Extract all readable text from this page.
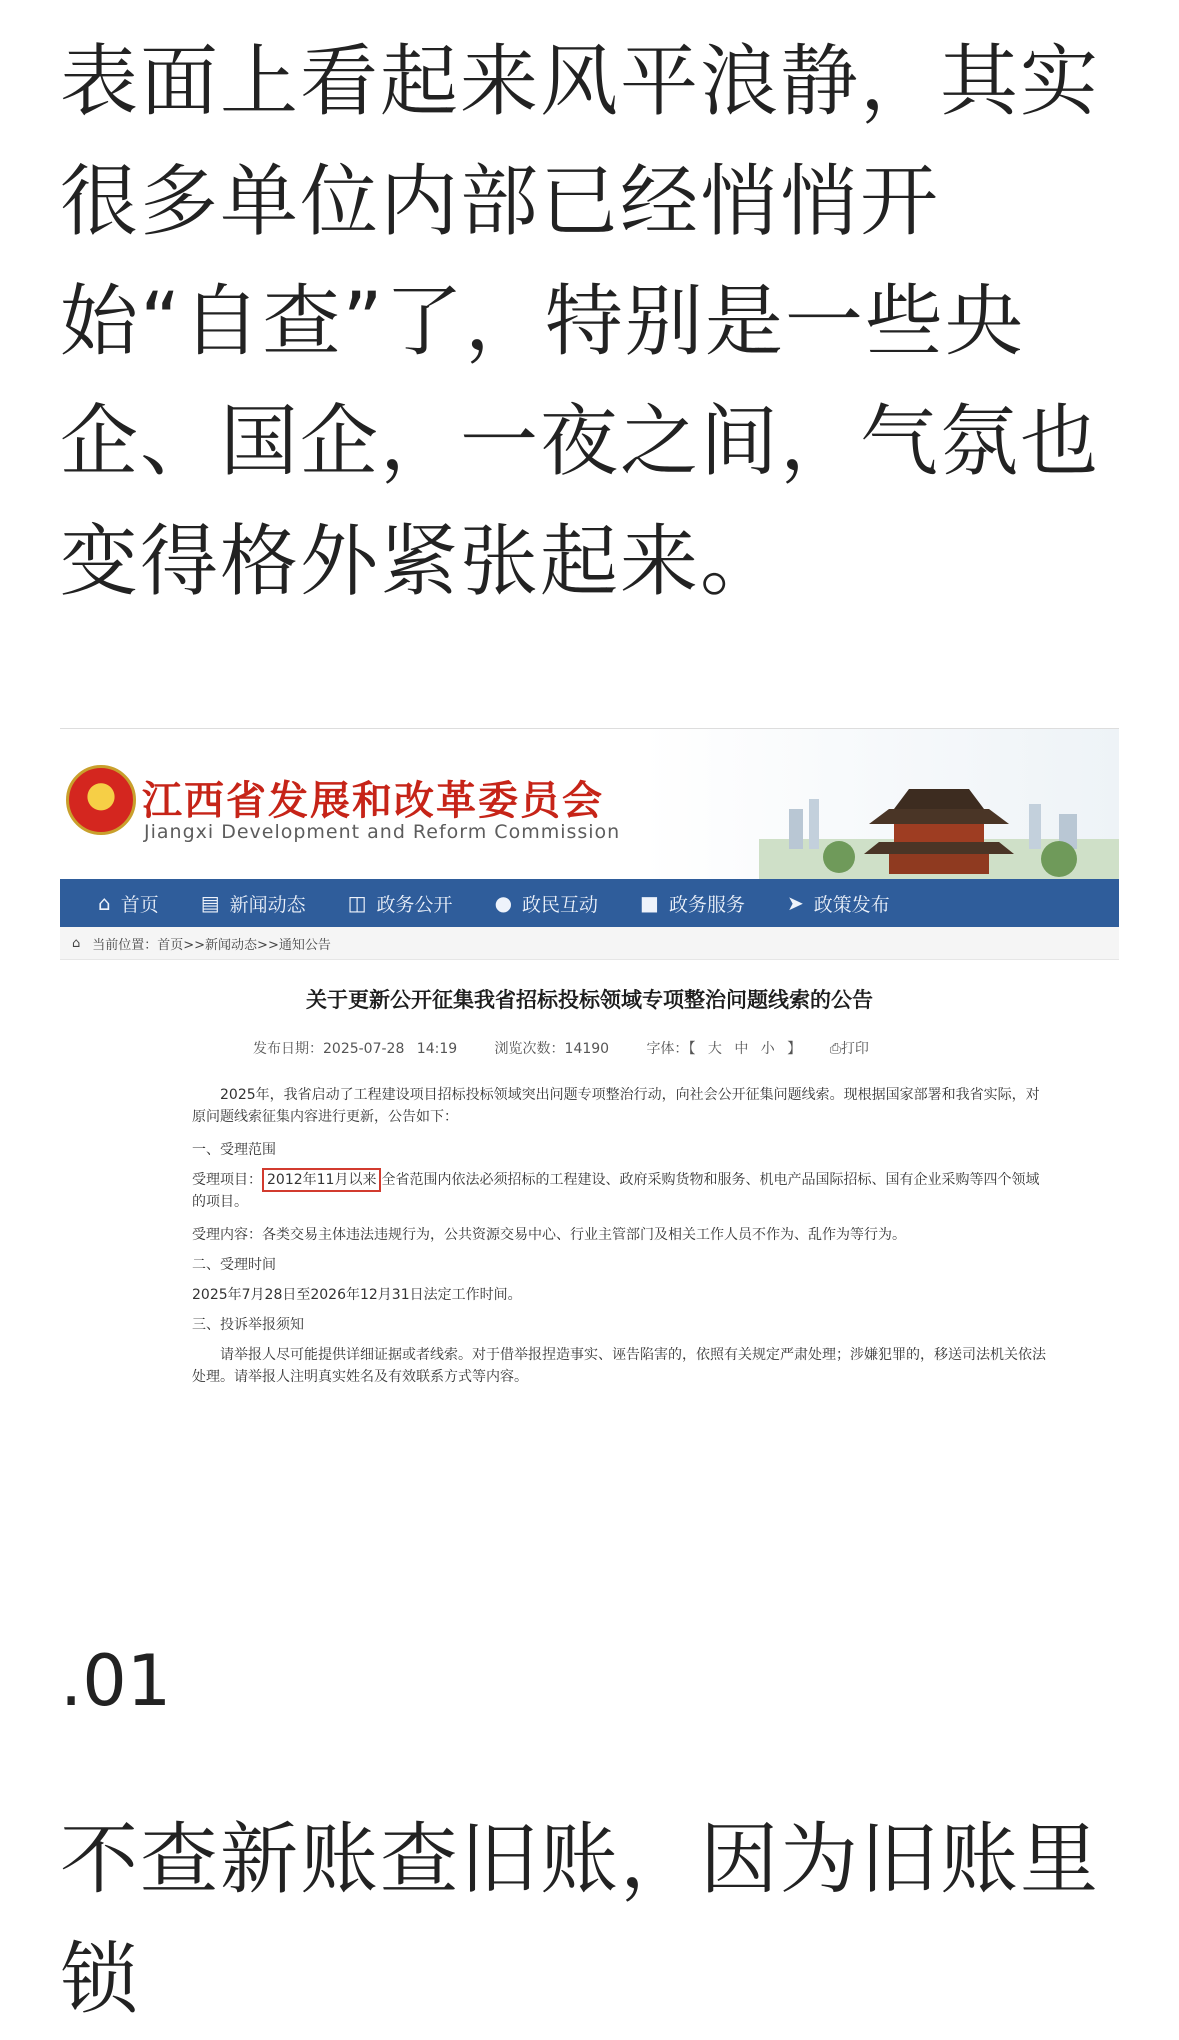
表面上看起来风平浪静，其实很多单位内部已经悄悄开始“自查”了，特别是一些央企、国企，一夜之间，气氛也变得格外紧张起来。
★
江西省发展和改革委员会
Jiangxi Development and Reform Commission
⌂ 首页 ▤ 新闻动态 ◫ 政务公开 ● 政民互动 ■ 政务服务 ➤ 政策发布
⌂ 当前位置：首页>>新闻动态>>通知公告
关于更新公开征集我省招标投标领域专项整治问题线索的公告
发布日期：2025-07-28 14:19	浏览次数：14190	字体：【 大 中 小 】 ⎙打印
2025年，我省启动了工程建设项目招标投标领域突出问题专项整治行动，向社会公开征集问题线索。现根据国家部署和我省实际，对原问题线索征集内容进行更新，公告如下：
一、受理范围
受理项目： 2012年11月以来 全省范围内依法必须招标的工程建设、政府采购货物和服务、机电产品国际招标、国有企业采购等四个领域的项目。
受理内容：各类交易主体违法违规行为，公共资源交易中心、行业主管部门及相关工作人员不作为、乱作为等行为。
二、受理时间
2025年7月28日至2026年12月31日法定工作时间。
三、投诉举报须知
请举报人尽可能提供详细证据或者线索。对于借举报捏造事实、诬告陷害的，依照有关规定严肃处理；涉嫌犯罪的，移送司法机关依法处理。请举报人注明真实姓名及有效联系方式等内容。
.01
不查新账查旧账，因为旧账里锁
